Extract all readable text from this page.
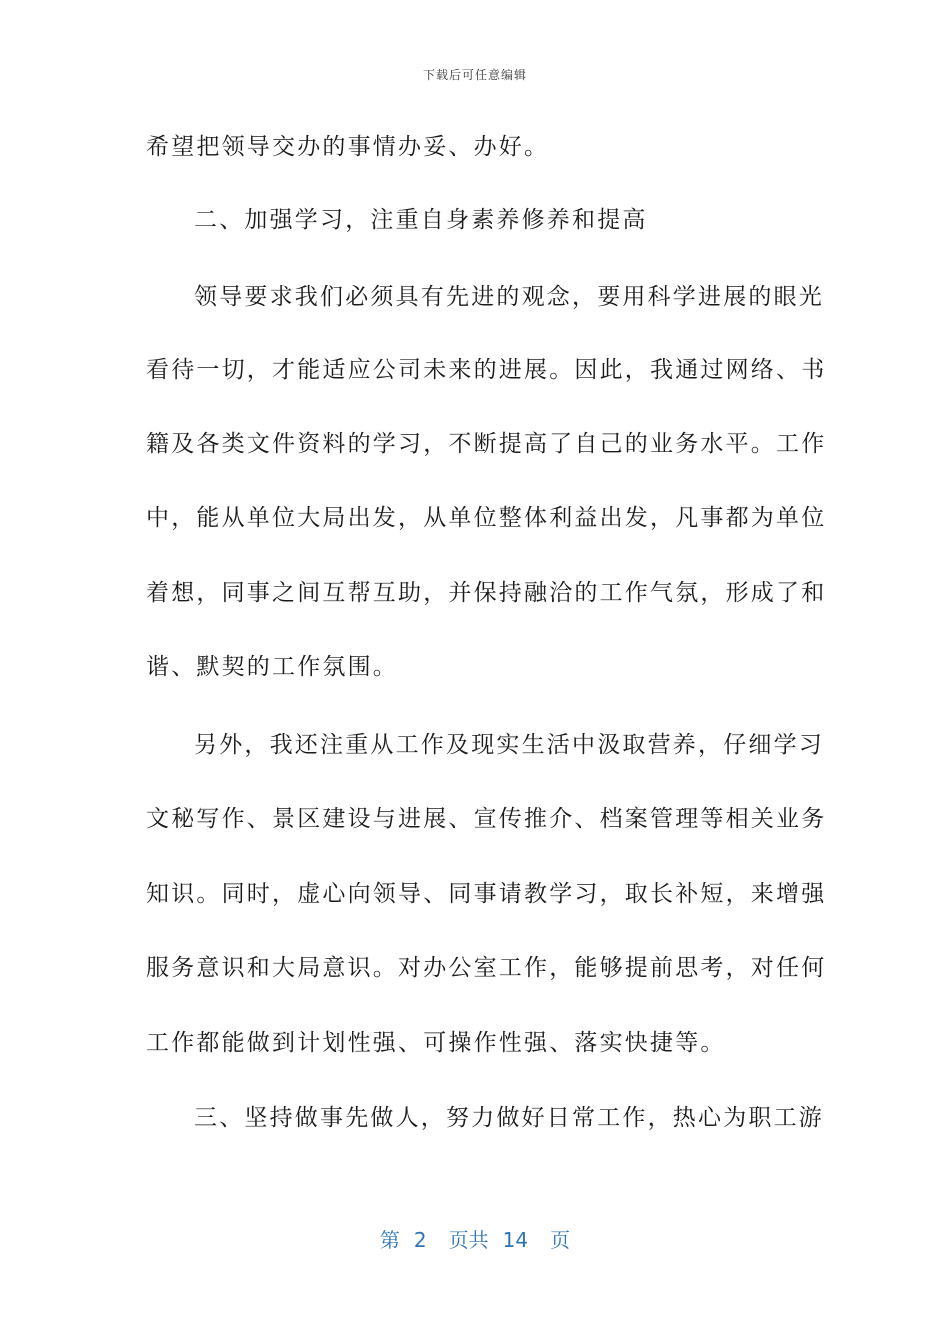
下载后可任意编辑
希望把领导交办的事情办妥、办好。
二、加强学习，注重自身素养修养和提高
领导要求我们必须具有先进的观念，要用科学进展的眼光
看待一切，才能适应公司未来的进展。因此，我通过网络、书
籍及各类文件资料的学习，不断提高了自己的业务水平。工作
中，能从单位大局出发，从单位整体利益出发，凡事都为单位
着想，同事之间互帮互助，并保持融洽的工作气氛，形成了和
谐、默契的工作氛围。
另外，我还注重从工作及现实生活中汲取营养，仔细学习
文秘写作、景区建设与进展、宣传推介、档案管理等相关业务
知识。同时，虚心向领导、同事请教学习，取长补短，来增强
服务意识和大局意识。对办公室工作，能够提前思考，对任何
工作都能做到计划性强、可操作性强、落实快捷等。
三、坚持做事先做人，努力做好日常工作，热心为职工游
第 2 页共 14 页
